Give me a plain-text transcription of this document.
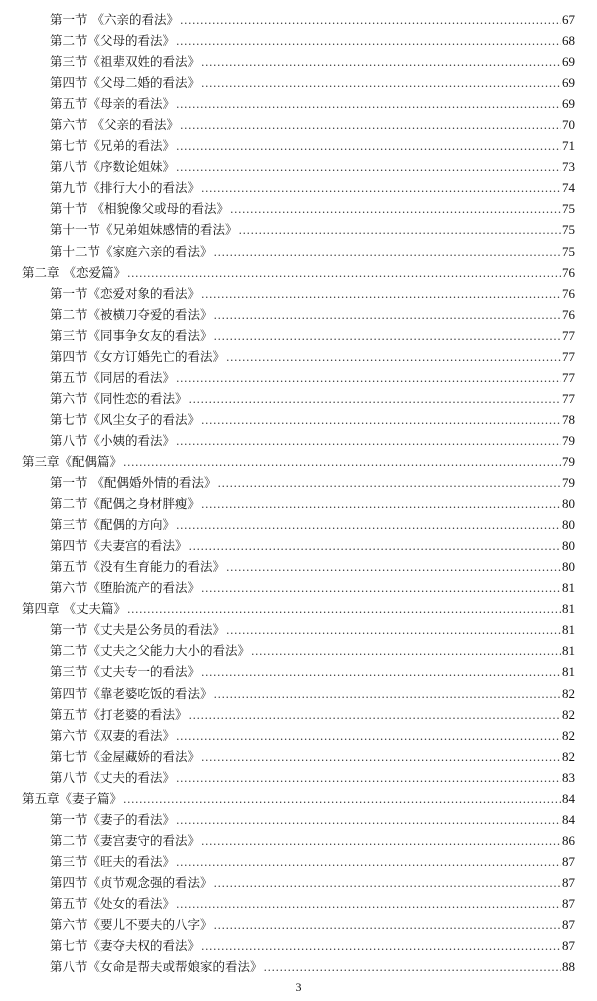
第一节 《六亲的看法》 .....	67
第二节《父母的看法》 .....	68
第三节《祖辈双姓的看法》 .....	69
第四节《父母二婚的看法》 .....	69
第五节《母亲的看法》 .....	69
第六节 《父亲的看法》 .....	70
第七节《兄弟的看法》 .....	71
第八节《序数论姐妹》 .....	73
第九节《排行大小的看法》 .....	74
第十节 《相貌像父或母的看法》 .....	75
第十一节《兄弟姐妹感情的看法》 .....	75
第十二节《家庭六亲的看法》 .....	75
第二章 《恋爱篇》 .....	76
第一节《恋爱对象的看法》 .....	76
第二节《被横刀夺爱的看法》 .....	76
第三节《同事争女友的看法》 .....	77
第四节《女方订婚先亡的看法》 .....	77
第五节《同居的看法》 .....	77
第六节《同性恋的看法》 .....	77
第七节《风尘女子的看法》 .....	78
第八节《小姨的看法》 .....	79
第三章《配偶篇》 .....	79
第一节 《配偶婚外情的看法》 .....	79
第二节《配偶之身材胖瘦》 .....	80
第三节《配偶的方向》 .....	80
第四节《夫妻宫的看法》 .....	80
第五节《没有生育能力的看法》 .....	80
第六节《堕胎流产的看法》 .....	81
第四章 《丈夫篇》 .....	81
第一节《丈夫是公务员的看法》 .....	81
第二节《丈夫之父能力大小的看法》 .....	81
第三节《丈夫专一的看法》 .....	81
第四节《靠老婆吃饭的看法》 .....	82
第五节《打老婆的看法》 .....	82
第六节《双妻的看法》 .....	82
第七节《金屋藏娇的看法》 .....	82
第八节《丈夫的看法》 .....	83
第五章《妻子篇》 .....	84
第一节《妻子的看法》 .....	84
第二节《妻宫妻守的看法》 .....	86
第三节《旺夫的看法》 .....	87
第四节《贞节观念强的看法》 .....	87
第五节《处女的看法》 .....	87
第六节《要儿不要夫的八字》 .....	87
第七节《妻夺夫权的看法》 .....	87
第八节《女命是帮夫或帮娘家的看法》 .....	88
3
